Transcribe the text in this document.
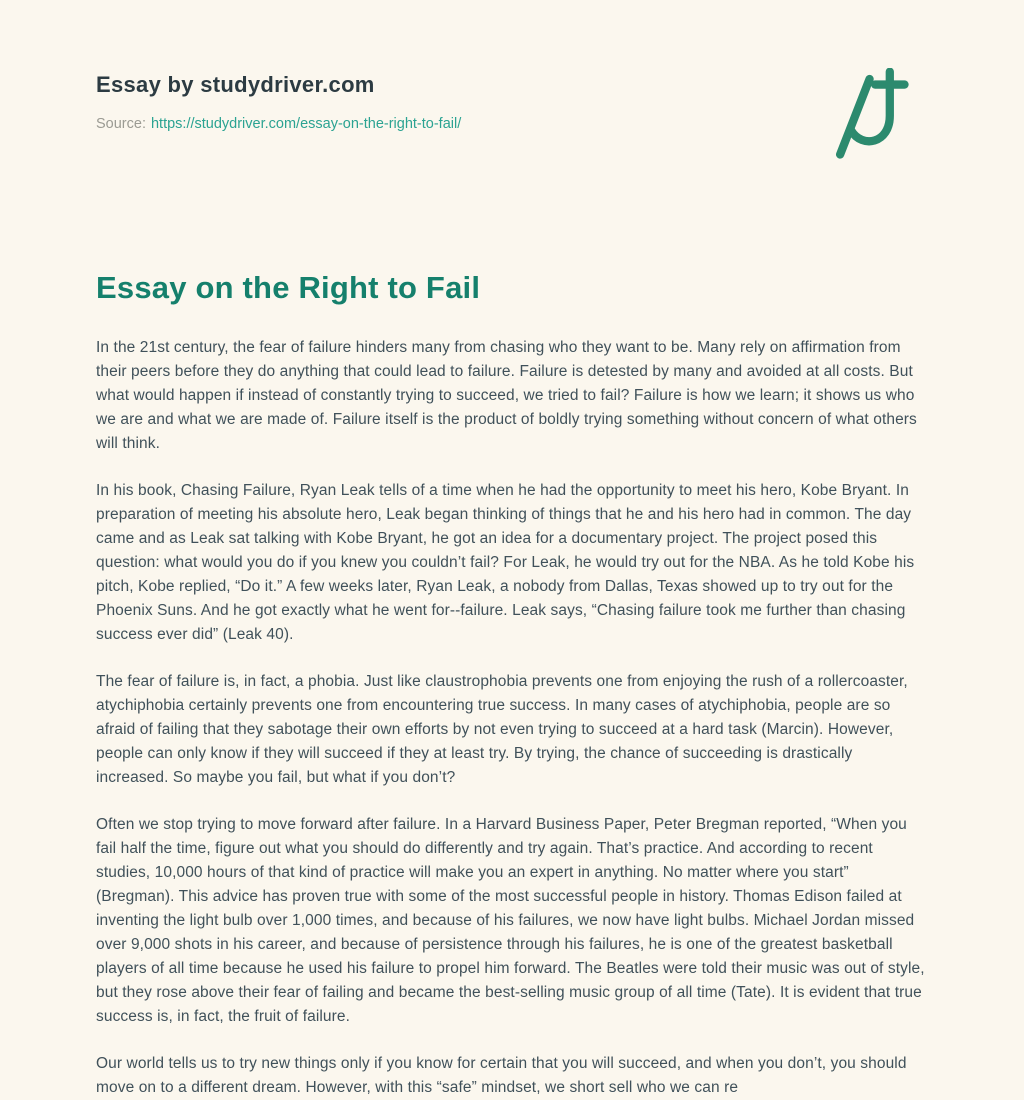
Essay by studydriver.com

Source: https://studydriver.com/essay-on-the-right-to-fail/

Essay on the Right to Fail

In the 21st century, the fear of failure hinders many from chasing who they want to be. Many rely on affirmation from their peers before they do anything that could lead to failure. Failure is detested by many and avoided at all costs. But what would happen if instead of constantly trying to succeed, we tried to fail? Failure is how we learn; it shows us who we are and what we are made of. Failure itself is the product of boldly trying something without concern of what others will think.

In his book, Chasing Failure, Ryan Leak tells of a time when he had the opportunity to meet his hero, Kobe Bryant. In preparation of meeting his absolute hero, Leak began thinking of things that he and his hero had in common. The day came and as Leak sat talking with Kobe Bryant, he got an idea for a documentary project. The project posed this question: what would you do if you knew you couldn’t fail? For Leak, he would try out for the NBA. As he told Kobe his pitch, Kobe replied, “Do it.” A few weeks later, Ryan Leak, a nobody from Dallas, Texas showed up to try out for the Phoenix Suns. And he got exactly what he went for--failure. Leak says, “Chasing failure took me further than chasing success ever did” (Leak 40).

The fear of failure is, in fact, a phobia. Just like claustrophobia prevents one from enjoying the rush of a rollercoaster, atychiphobia certainly prevents one from encountering true success. In many cases of atychiphobia, people are so afraid of failing that they sabotage their own efforts by not even trying to succeed at a hard task (Marcin). However, people can only know if they will succeed if they at least try. By trying, the chance of succeeding is drastically increased. So maybe you fail, but what if you don’t?

Often we stop trying to move forward after failure. In a Harvard Business Paper, Peter Bregman reported, “When you fail half the time, figure out what you should do differently and try again. That’s practice. And according to recent studies, 10,000 hours of that kind of practice will make you an expert in anything. No matter where you start” (Bregman). This advice has proven true with some of the most successful people in history. Thomas Edison failed at inventing the light bulb over 1,000 times, and because of his failures, we now have light bulbs. Michael Jordan missed over 9,000 shots in his career, and because of persistence through his failures, he is one of the greatest basketball players of all time because he used his failure to propel him forward. The Beatles were told their music was out of style, but they rose above their fear of failing and became the best-selling music group of all time (Tate). It is evident that true success is, in fact, the fruit of failure.

Our world tells us to try new things only if you know for certain that you will succeed, and when you don’t, you should move on to a different dream. However, with this “safe” mindset, we short sell who we can re
